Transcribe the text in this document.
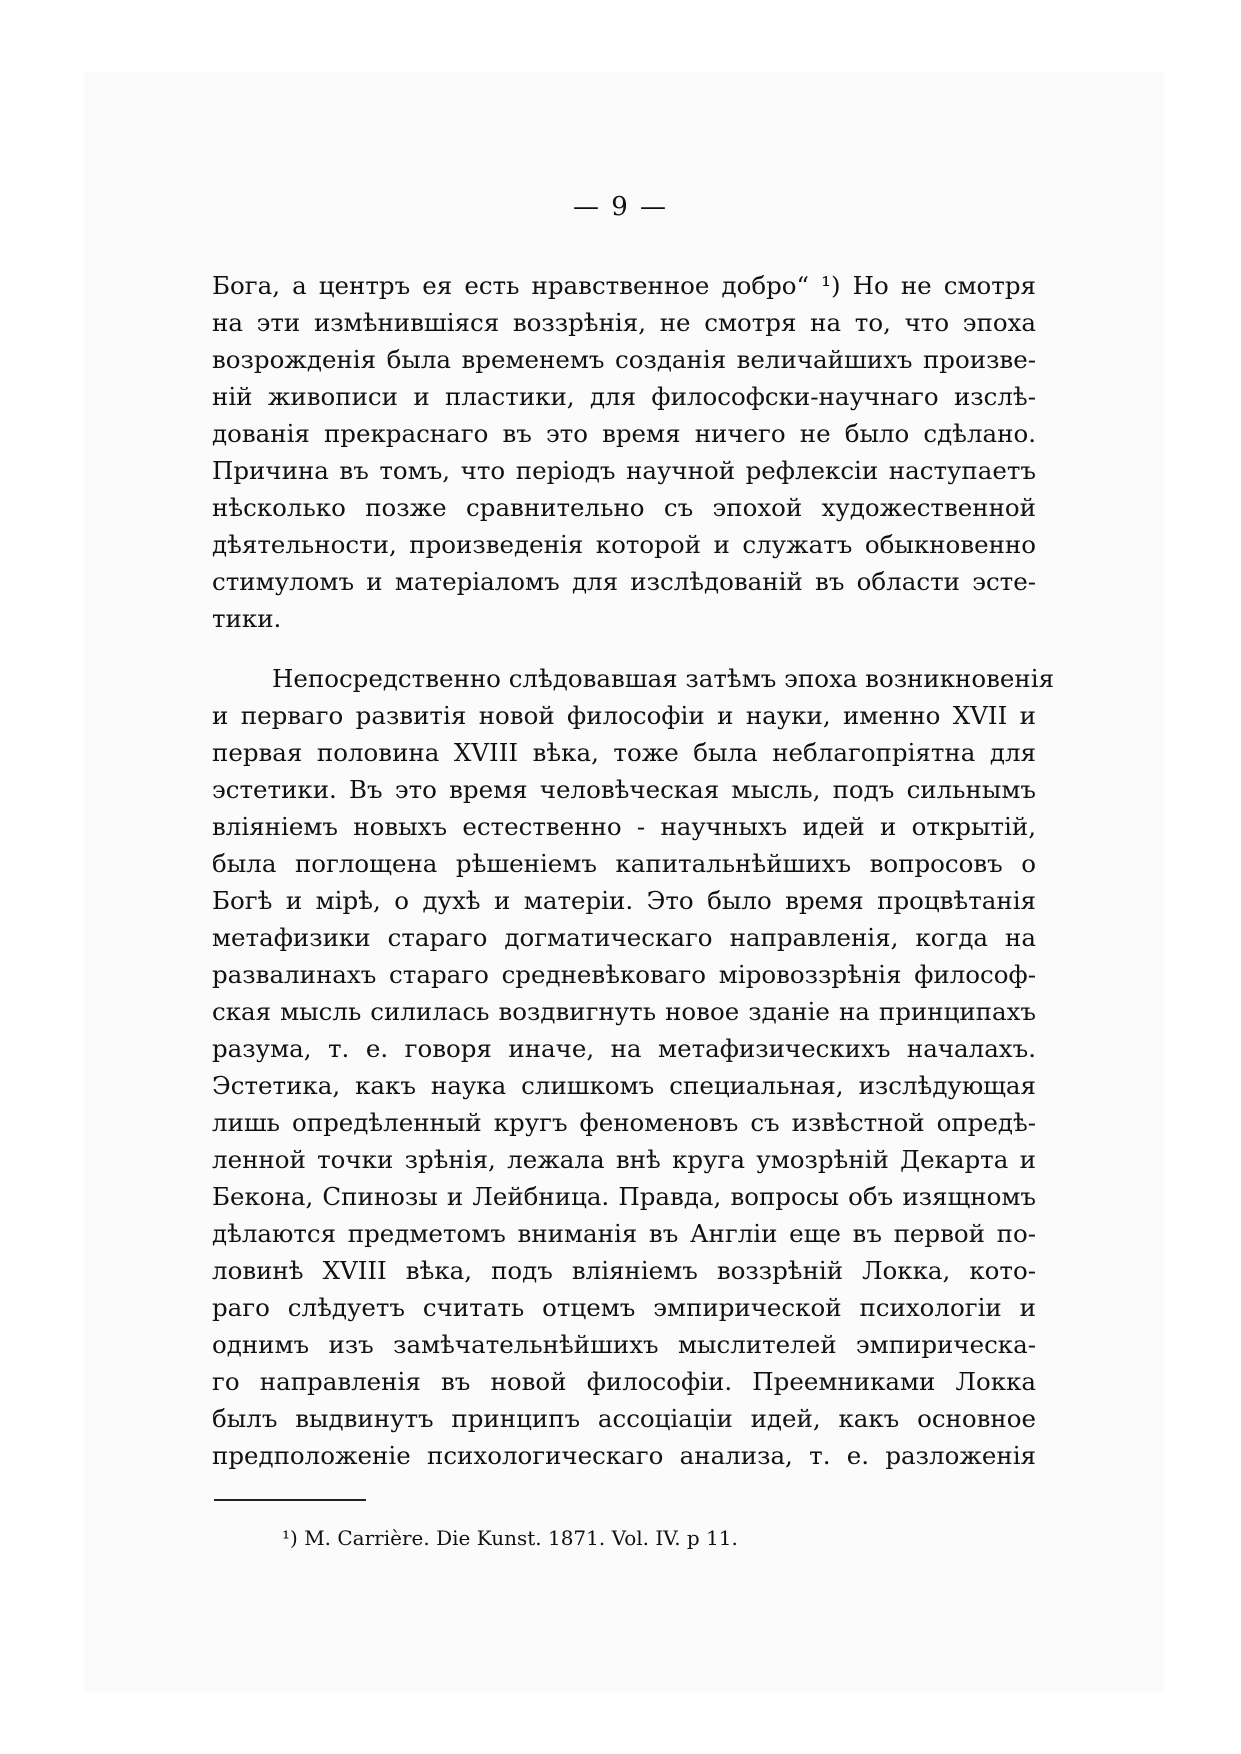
— 9 —
Бога, а центръ ея есть нравственное добро“ ¹) Но не смотря
на эти измѣнившіяся воззрѣнія, не смотря на то, что эпоха
возрожденія была временемъ созданія величайшихъ произве-
ній живописи и пластики, для философски-научнаго изслѣ-
дованія прекраснаго въ это время ничего не было сдѣлано.
Причина въ томъ, что періодъ научной рефлексіи наступаетъ
нѣсколько позже сравнительно съ эпохой художественной
дѣятельности, произведенія которой и служатъ обыкновенно
стимуломъ и матеріаломъ для изслѣдованій въ области эсте-
тики.
Непосредственно слѣдовавшая затѣмъ эпоха возникновенія
и перваго развитія новой философіи и науки, именно XVII и
первая половина XVIII вѣка, тоже была неблагопріятна для
эстетики. Въ это время человѣческая мысль, подъ сильнымъ
вліяніемъ новыхъ естественно - научныхъ идей и открытій,
была поглощена рѣшеніемъ капитальнѣйшихъ вопросовъ о
Богѣ и мірѣ, о духѣ и матеріи. Это было время процвѣтанія
метафизики стараго догматическаго направленія, когда на
развалинахъ стараго средневѣковаго міровоззрѣнія философ-
ская мысль силилась воздвигнуть новое зданіе на принципахъ
разума, т. е. говоря иначе, на метафизическихъ началахъ.
Эстетика, какъ наука слишкомъ специальная, изслѣдующая
лишь опредѣленный кругъ феноменовъ съ извѣстной опредѣ-
ленной точки зрѣнія, лежала внѣ круга умозрѣній Декарта и
Бекона, Спинозы и Лейбница. Правда, вопросы объ изящномъ
дѣлаются предметомъ вниманія въ Англіи еще въ первой по-
ловинѣ XVIII вѣка, подъ вліяніемъ воззрѣній Локка, кото-
раго слѣдуетъ считать отцемъ эмпирической психологіи и
однимъ изъ замѣчательнѣйшихъ мыслителей эмпирическа-
го направленія въ новой философіи. Преемниками Локка
былъ выдвинутъ принципъ ассоціаціи идей, какъ основное
предположеніе психологическаго анализа, т. е. разложенія
¹) M. Carrière. Die Kunst. 1871. Vol. IV. p 11.
